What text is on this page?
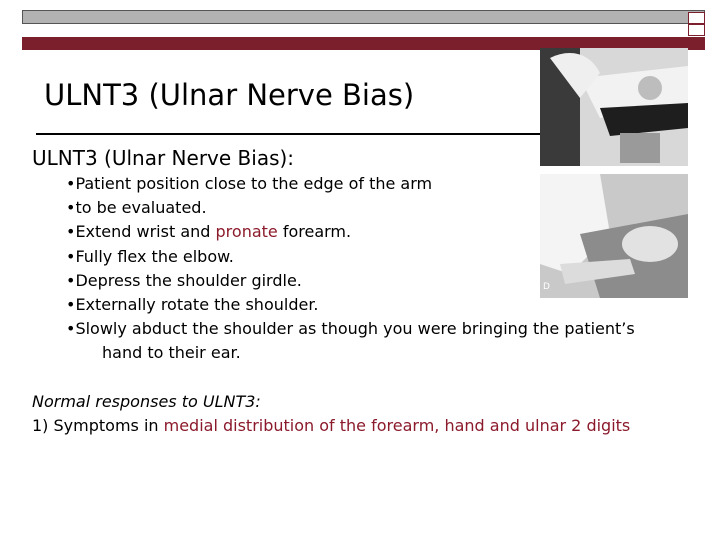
ULNT3 (Ulnar Nerve Bias)
D
ULNT3 (Ulnar Nerve Bias):
•Patient position close to the edge of the arm
•to be evaluated.
•Extend wrist and pronate forearm.
•Fully flex the elbow.
•Depress the shoulder girdle.
•Externally rotate the shoulder.
•Slowly abduct the shoulder as though you were bringing the patient’s
hand to their ear.
Normal responses to ULNT3:
1) Symptoms in medial distribution of the forearm, hand and ulnar 2 digits
